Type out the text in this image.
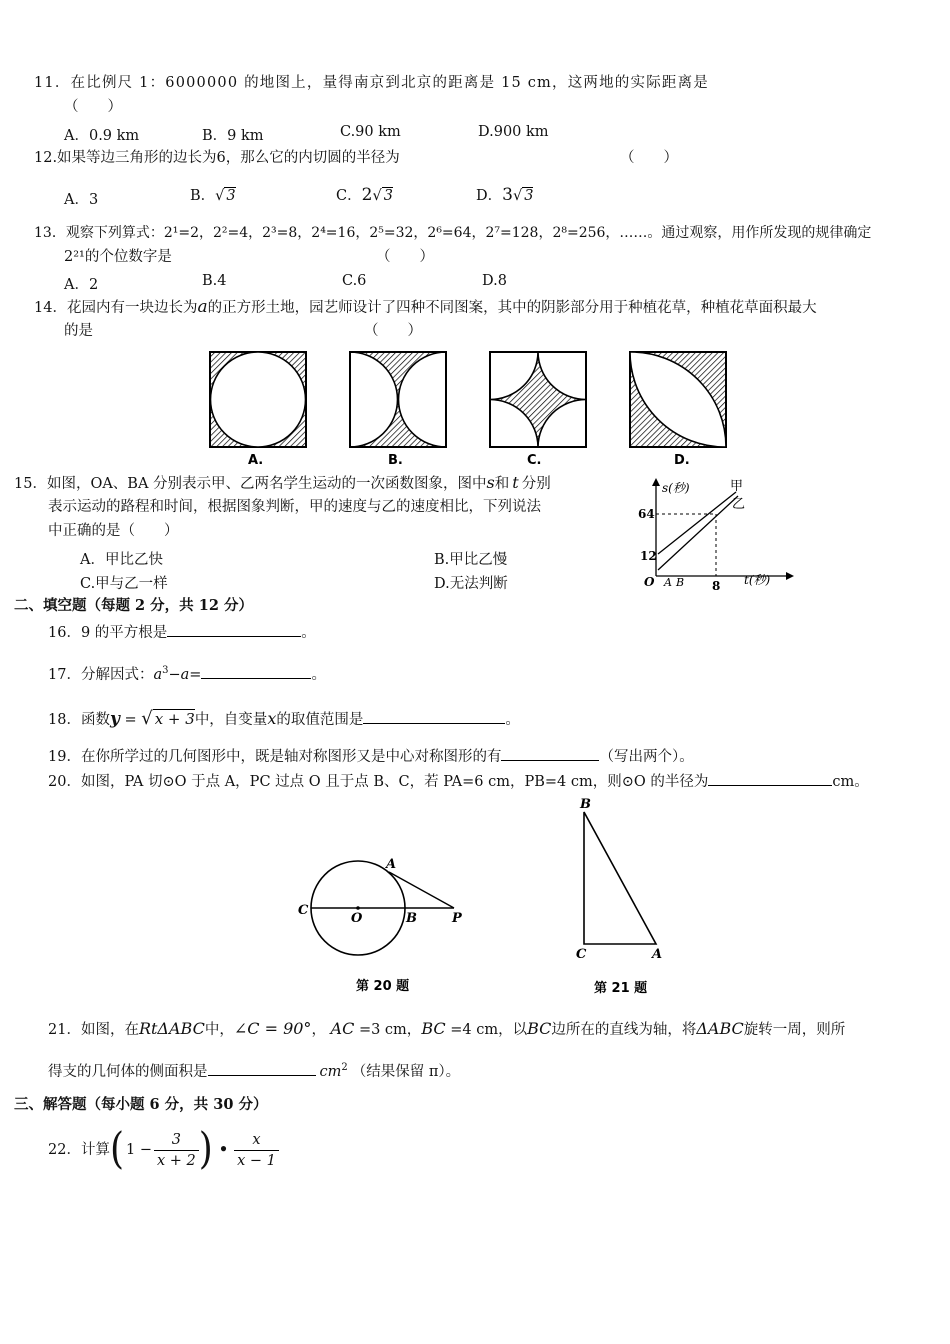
11．在比例尺 1：6000000 的地图上，量得南京到北京的距离是 15 cm，这两地的实际距离是
（　　）
A．0.9 km	B．9 km	C.90 km	D.900 km
12.如果等边三角形的边长为6，那么它的内切圆的半径为	（　　）
A．3	B．√ 3	C．2√ 3	D．3√ 3
13．观察下列算式：2¹=2，2²=4，2³=8，2⁴=16，2⁵=32，2⁶=64，2⁷=128，2⁸=256，……。通过观察，用作所发现的规律确定
2²¹的个位数字是	（　　）
A．2	B.4	C.6	D.8
14．花园内有一块边长为a的正方形土地，园艺师设计了四种不同图案，其中的阴影部分用于种植花草，种植花草面积最大
的是	（　　）
A.	B.	C.	D.
15．如图，OA、BA 分别表示甲、乙两名学生运动的一次函数图象，图中s和 t 分别
表示运动的路程和时间，根据图象判断，甲的速度与乙的速度相比，下列说法
中正确的是（　　）
A．甲比乙快	B.甲比乙慢
C.甲与乙一样	D.无法判断
s(秒)
t(秒)
64
12
8
O A B
甲
乙
二、填空题（每题 2 分，共 12 分）
16．9 的平方根是	。
17．分解因式：$a^3-a=$	。
18．函数y = √ x + 3中，自变量x的取值范围是	。
19．在你所学过的几何图形中，既是轴对称图形又是中心对称图形的有	（写出两个）。
20．如图，PA 切⊙O 于点 A，PC 过点 O 且于点 B、C，若 PA=6 cm，PB=4 cm，则⊙O 的半径为	cm。
A
C
O	B	P
第 20 题
B
C	A
第 21 题
21．如图，在RtΔABC中，∠C = 90°， AC =3 cm，BC =4 cm，以BC边所在的直线为轴，将ΔABC旋转一周，则所
得支的几何体的侧面积是	$cm^2$ （结果保留 π）。
三、解答题（每小题 6 分，共 30 分）
22．计算( $1 - \frac{3}{x + 2}$ ) • $\frac{x}{x - 1}$
